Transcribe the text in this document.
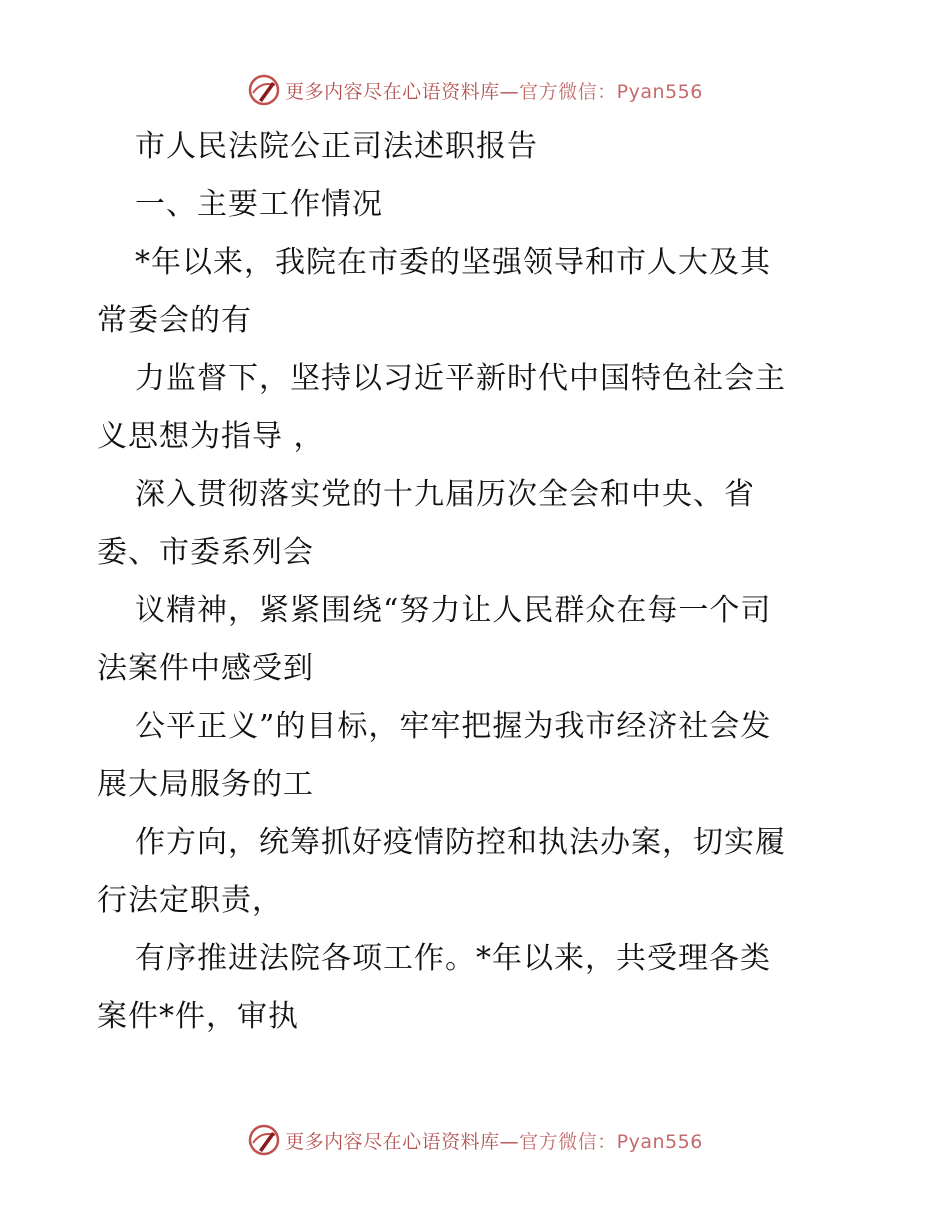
更多内容尽在心语资料库—官方微信：Pyan556
市人民法院公正司法述职报告
一、主要工作情况
*年以来，我院在市委的坚强领导和市人大及其
常委会的有
力监督下，坚持以习近平新时代中国特色社会主
义思想为指导 ，
深入贯彻落实党的十九届历次全会和中央、省
委、市委系列会
议精神，紧紧围绕“努力让人民群众在每一个司
法案件中感受到
公平正义”的目标，牢牢把握为我市经济社会发
展大局服务的工
作方向，统筹抓好疫情防控和执法办案，切实履
行法定职责，
有序推进法院各项工作。*年以来，共受理各类
案件*件，审执
更多内容尽在心语资料库—官方微信：Pyan556
